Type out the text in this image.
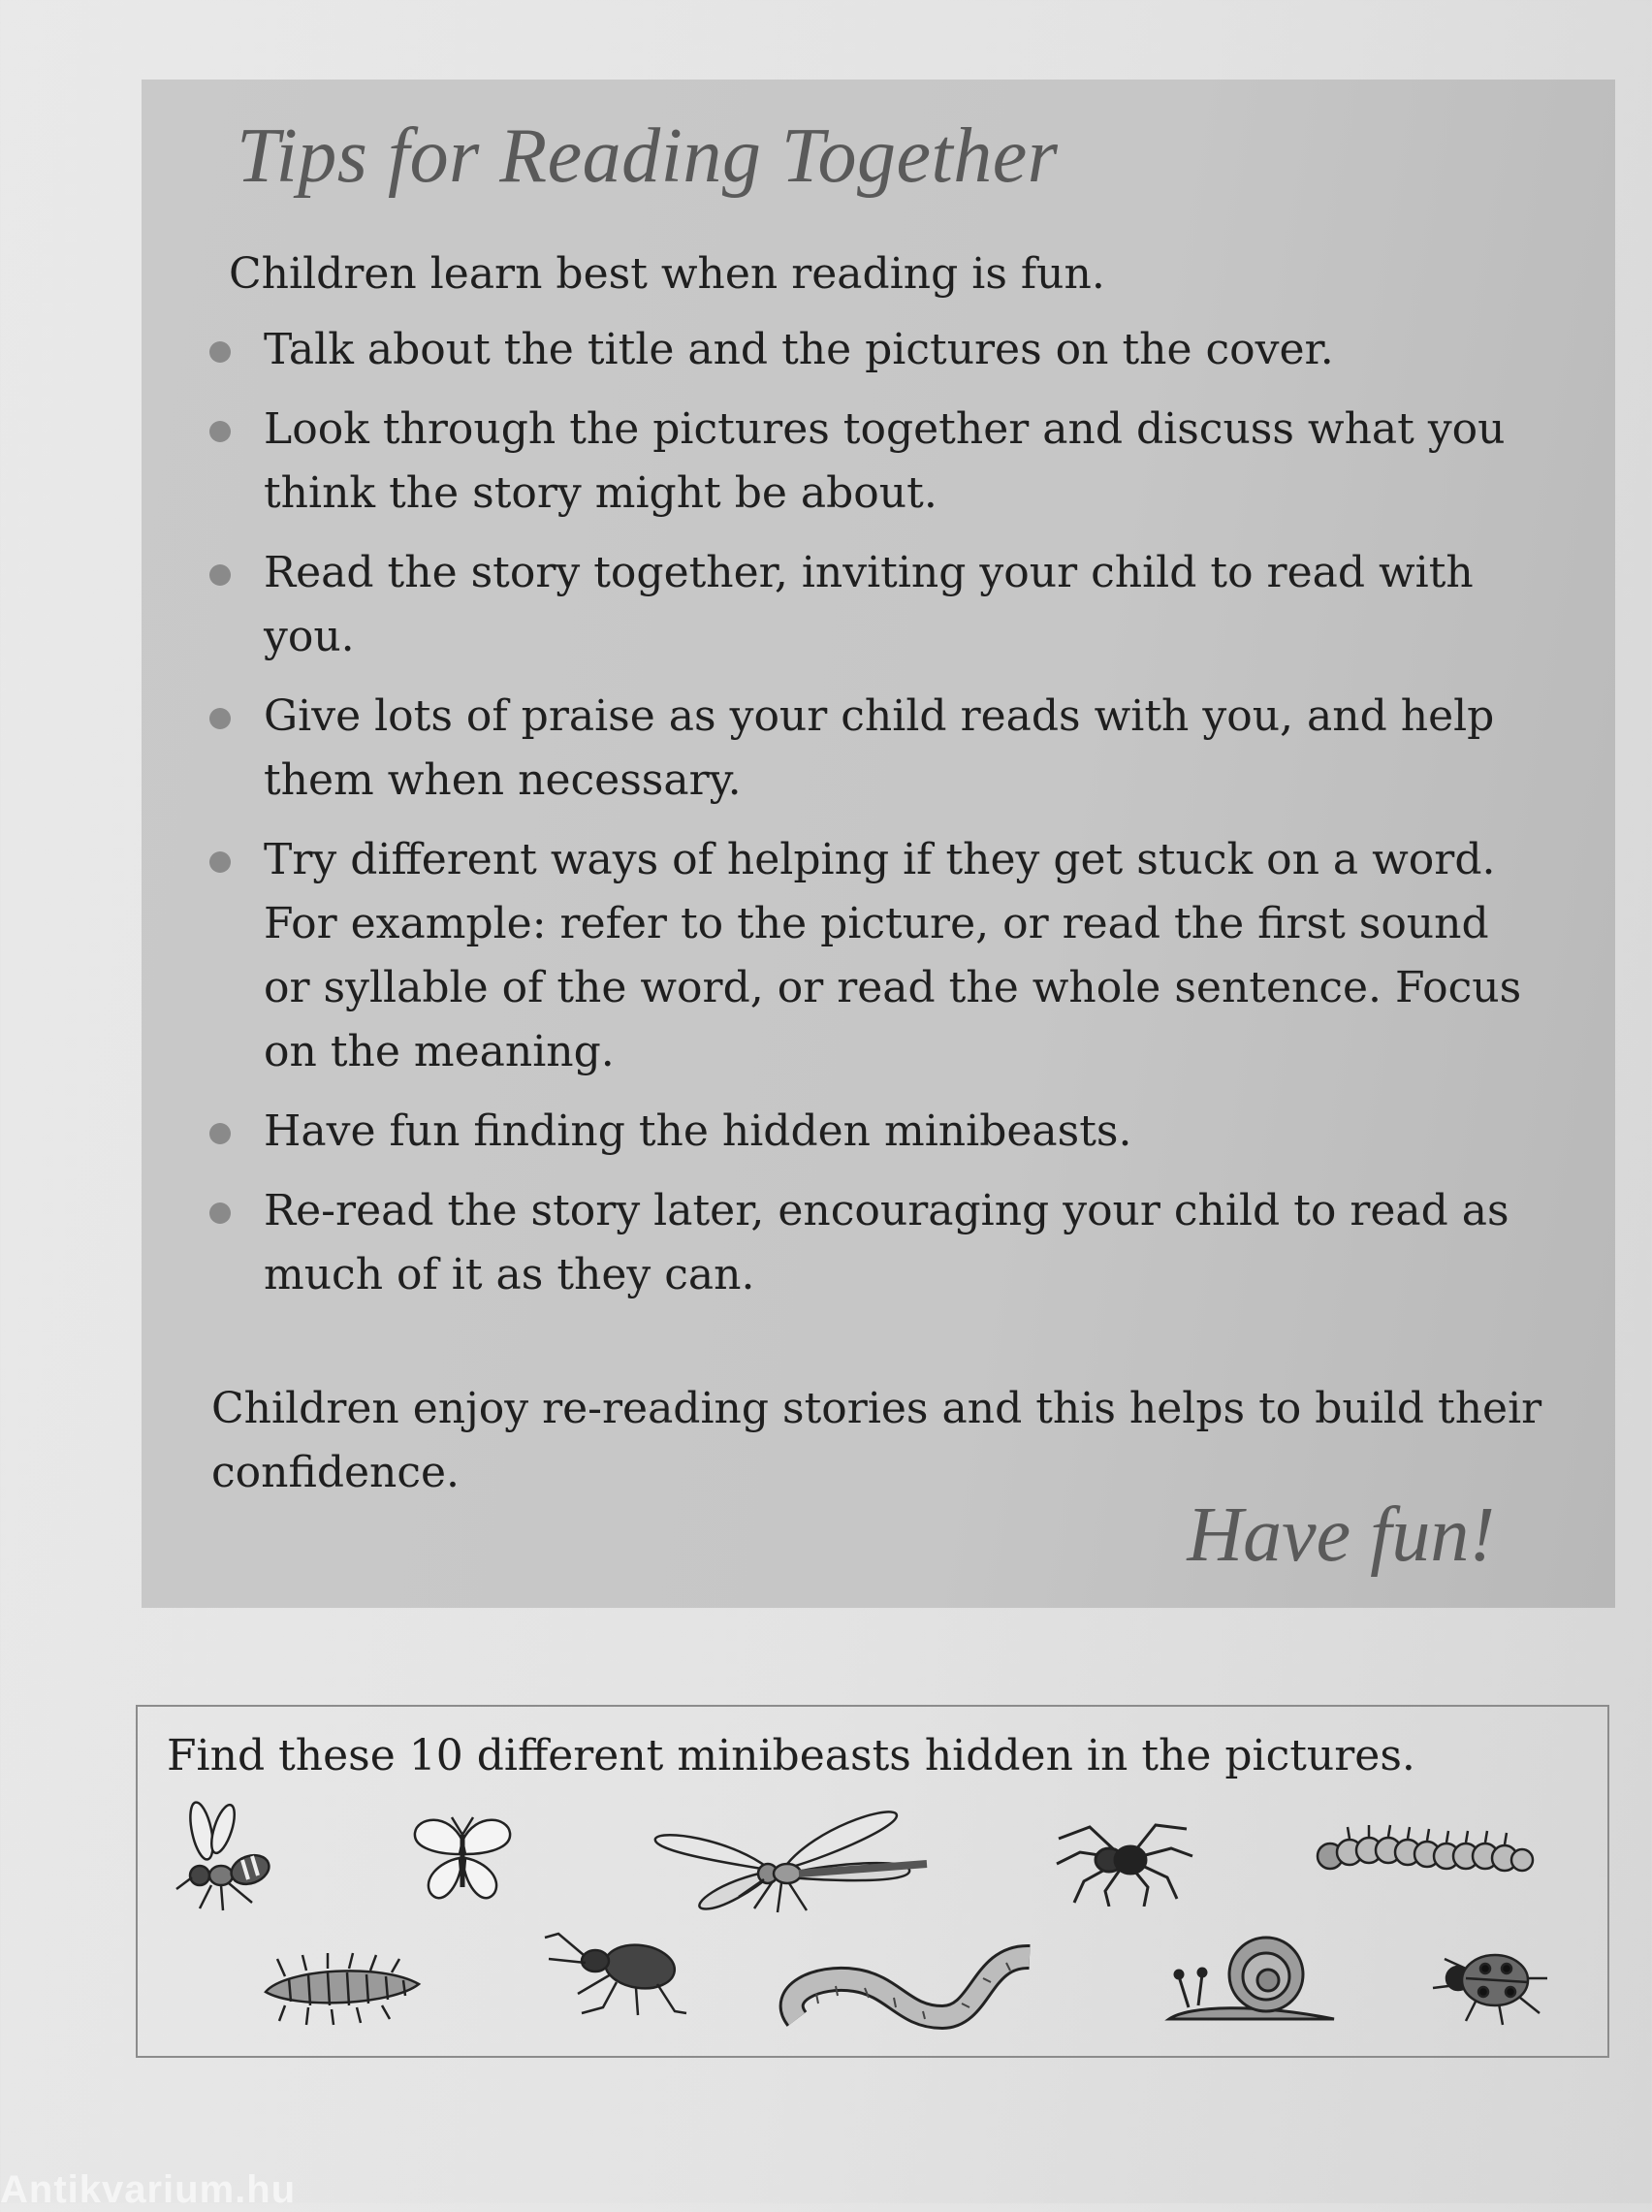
Tips for Reading Together

Children learn best when reading is fun.

Talk about the title and the pictures on the cover.
Look through the pictures together and discuss what you think the story might be about.
Read the story together, inviting your child to read with you.
Give lots of praise as your child reads with you, and help them when necessary.
Try different ways of helping if they get stuck on a word. For example: refer to the picture, or read the first sound or syllable of the word, or read the whole sentence. Focus on the meaning.
Have fun finding the hidden minibeasts.
Re-read the story later, encouraging your child to read as much of it as they can.

Children enjoy re-reading stories and this helps to build their confidence.

Have fun!

Find these 10 different minibeasts hidden in the pictures.

Antikvarium.hu
